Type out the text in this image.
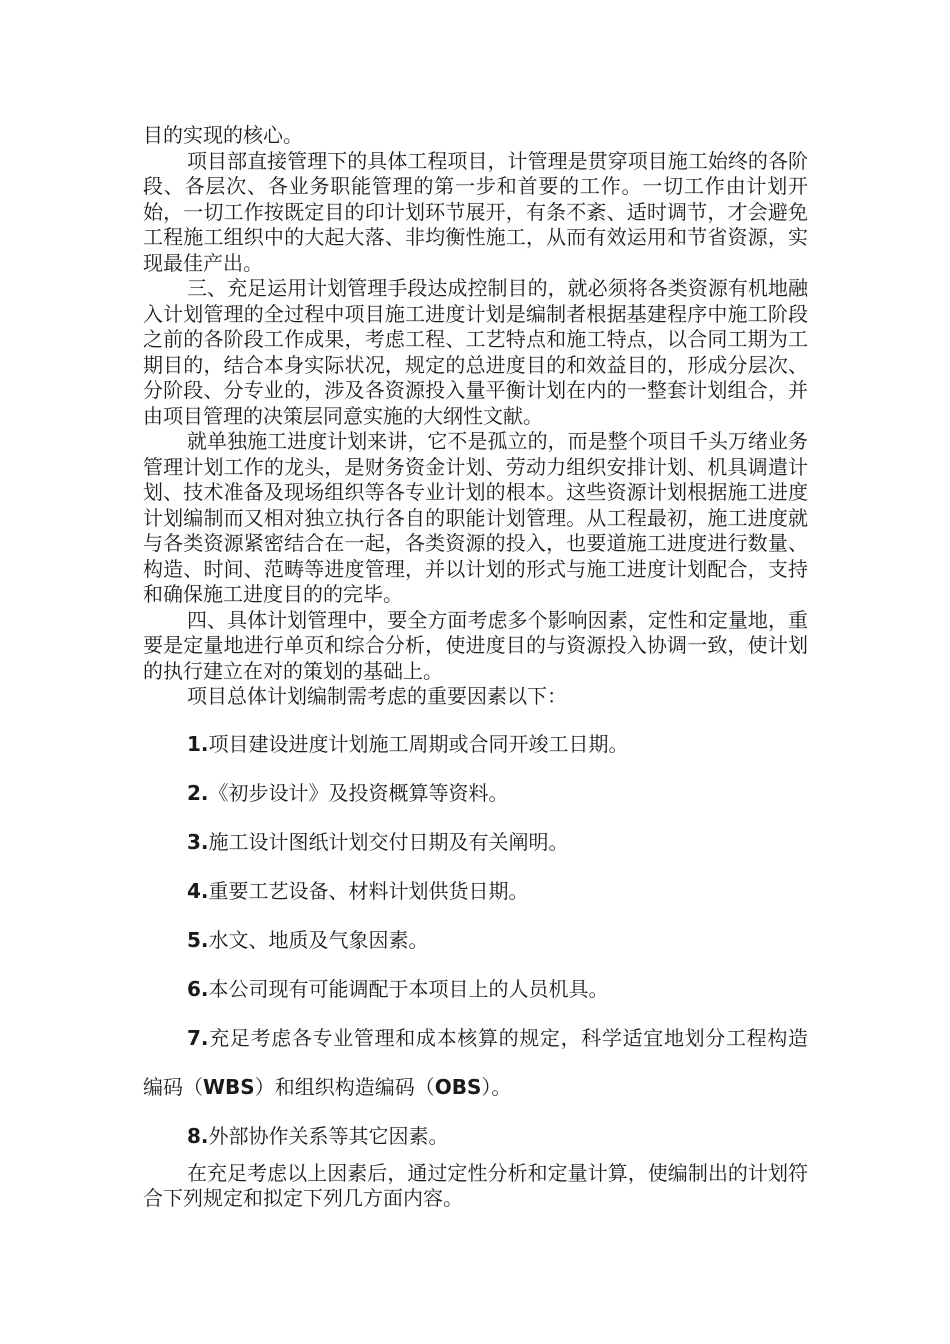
目的实现的核心。

项目部直接管理下的具体工程项目，计管理是贯穿项目施工始终的各阶段、各层次、各业务职能管理的第一步和首要的工作。一切工作由计划开始，一切工作按既定目的印计划环节展开，有条不紊、适时调节，才会避免工程施工组织中的大起大落、非均衡性施工，从而有效运用和节省资源，实现最佳产出。

三、充足运用计划管理手段达成控制目的，就必须将各类资源有机地融入计划管理的全过程中项目施工进度计划是编制者根据基建程序中施工阶段之前的各阶段工作成果，考虑工程、工艺特点和施工特点，以合同工期为工期目的，结合本身实际状况，规定的总进度目的和效益目的，形成分层次、分阶段、分专业的，涉及各资源投入量平衡计划在内的一整套计划组合，并由项目管理的决策层同意实施的大纲性文献。

就单独施工进度计划来讲，它不是孤立的，而是整个项目千头万绪业务管理计划工作的龙头，是财务资金计划、劳动力组织安排计划、机具调遣计划、技术准备及现场组织等各专业计划的根本。这些资源计划根据施工进度计划编制而又相对独立执行各自的职能计划管理。从工程最初，施工进度就与各类资源紧密结合在一起，各类资源的投入，也要道施工进度进行数量、构造、时间、范畴等进度管理，并以计划的形式与施工进度计划配合，支持和确保施工进度目的的完毕。

四、具体计划管理中，要全方面考虑多个影响因素，定性和定量地，重要是定量地进行单页和综合分析，使进度目的与资源投入协调一致，使计划的执行建立在对的策划的基础上。

项目总体计划编制需考虑的重要因素以下：

1.项目建设进度计划施工周期或合同开竣工日期。

2.《初步设计》及投资概算等资料。

3.施工设计图纸计划交付日期及有关阐明。

4.重要工艺设备、材料计划供货日期。

5.水文、地质及气象因素。

6.本公司现有可能调配于本项目上的人员机具。

7.充足考虑各专业管理和成本核算的规定，科学适宜地划分工程构造编码（WBS）和组织构造编码（OBS）。

8.外部协作关系等其它因素。

在充足考虑以上因素后，通过定性分析和定量计算，使编制出的计划符合下列规定和拟定下列几方面内容。
